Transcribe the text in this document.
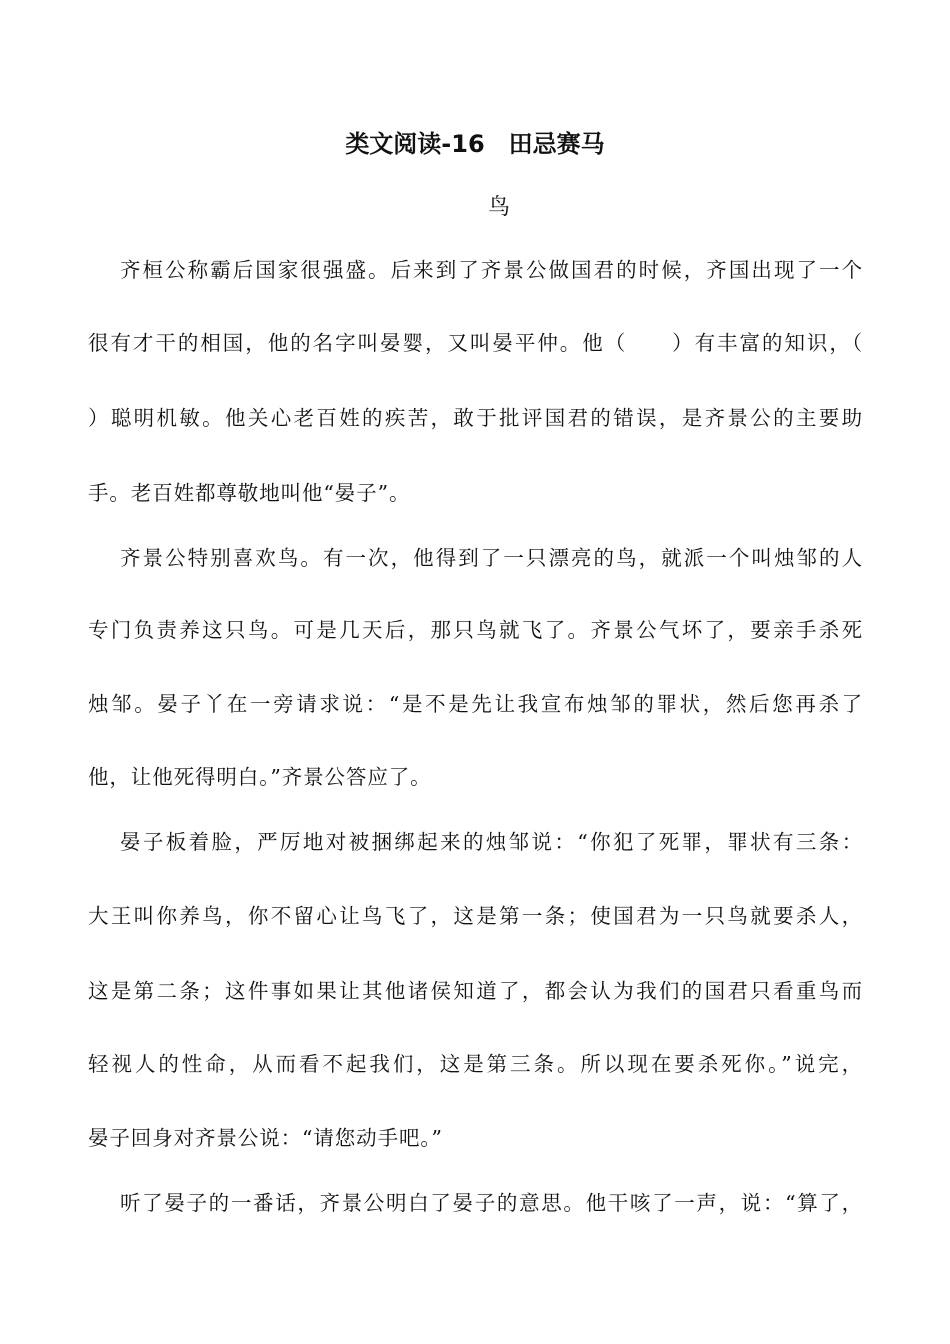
类文阅读-16　田忌赛马
鸟
齐桓公称霸后国家很强盛。后来到了齐景公做国君的时候，齐国出现了一个
很有才干的相国，他的名字叫晏婴，又叫晏平仲。他（　　）有丰富的知识，（
）聪明机敏。他关心老百姓的疾苦，敢于批评国君的错误，是齐景公的主要助
手。老百姓都尊敬地叫他“晏子”。
齐景公特别喜欢鸟。有一次，他得到了一只漂亮的鸟，就派一个叫烛邹的人
专门负责养这只鸟。可是几天后，那只鸟就飞了。齐景公气坏了，要亲手杀死
烛邹。晏子丫在一旁请求说：“是不是先让我宣布烛邹的罪状，然后您再杀了
他，让他死得明白。”齐景公答应了。
晏子板着脸，严厉地对被捆绑起来的烛邹说：“你犯了死罪，罪状有三条：
大王叫你养鸟，你不留心让鸟飞了，这是第一条；使国君为一只鸟就要杀人，
这是第二条；这件事如果让其他诸侯知道了，都会认为我们的国君只看重鸟而
轻视人的性命，从而看不起我们，这是第三条。所以现在要杀死你。”说完，
晏子回身对齐景公说：“请您动手吧。”
听了晏子的一番话，齐景公明白了晏子的意思。他干咳了一声，说：“算了，
